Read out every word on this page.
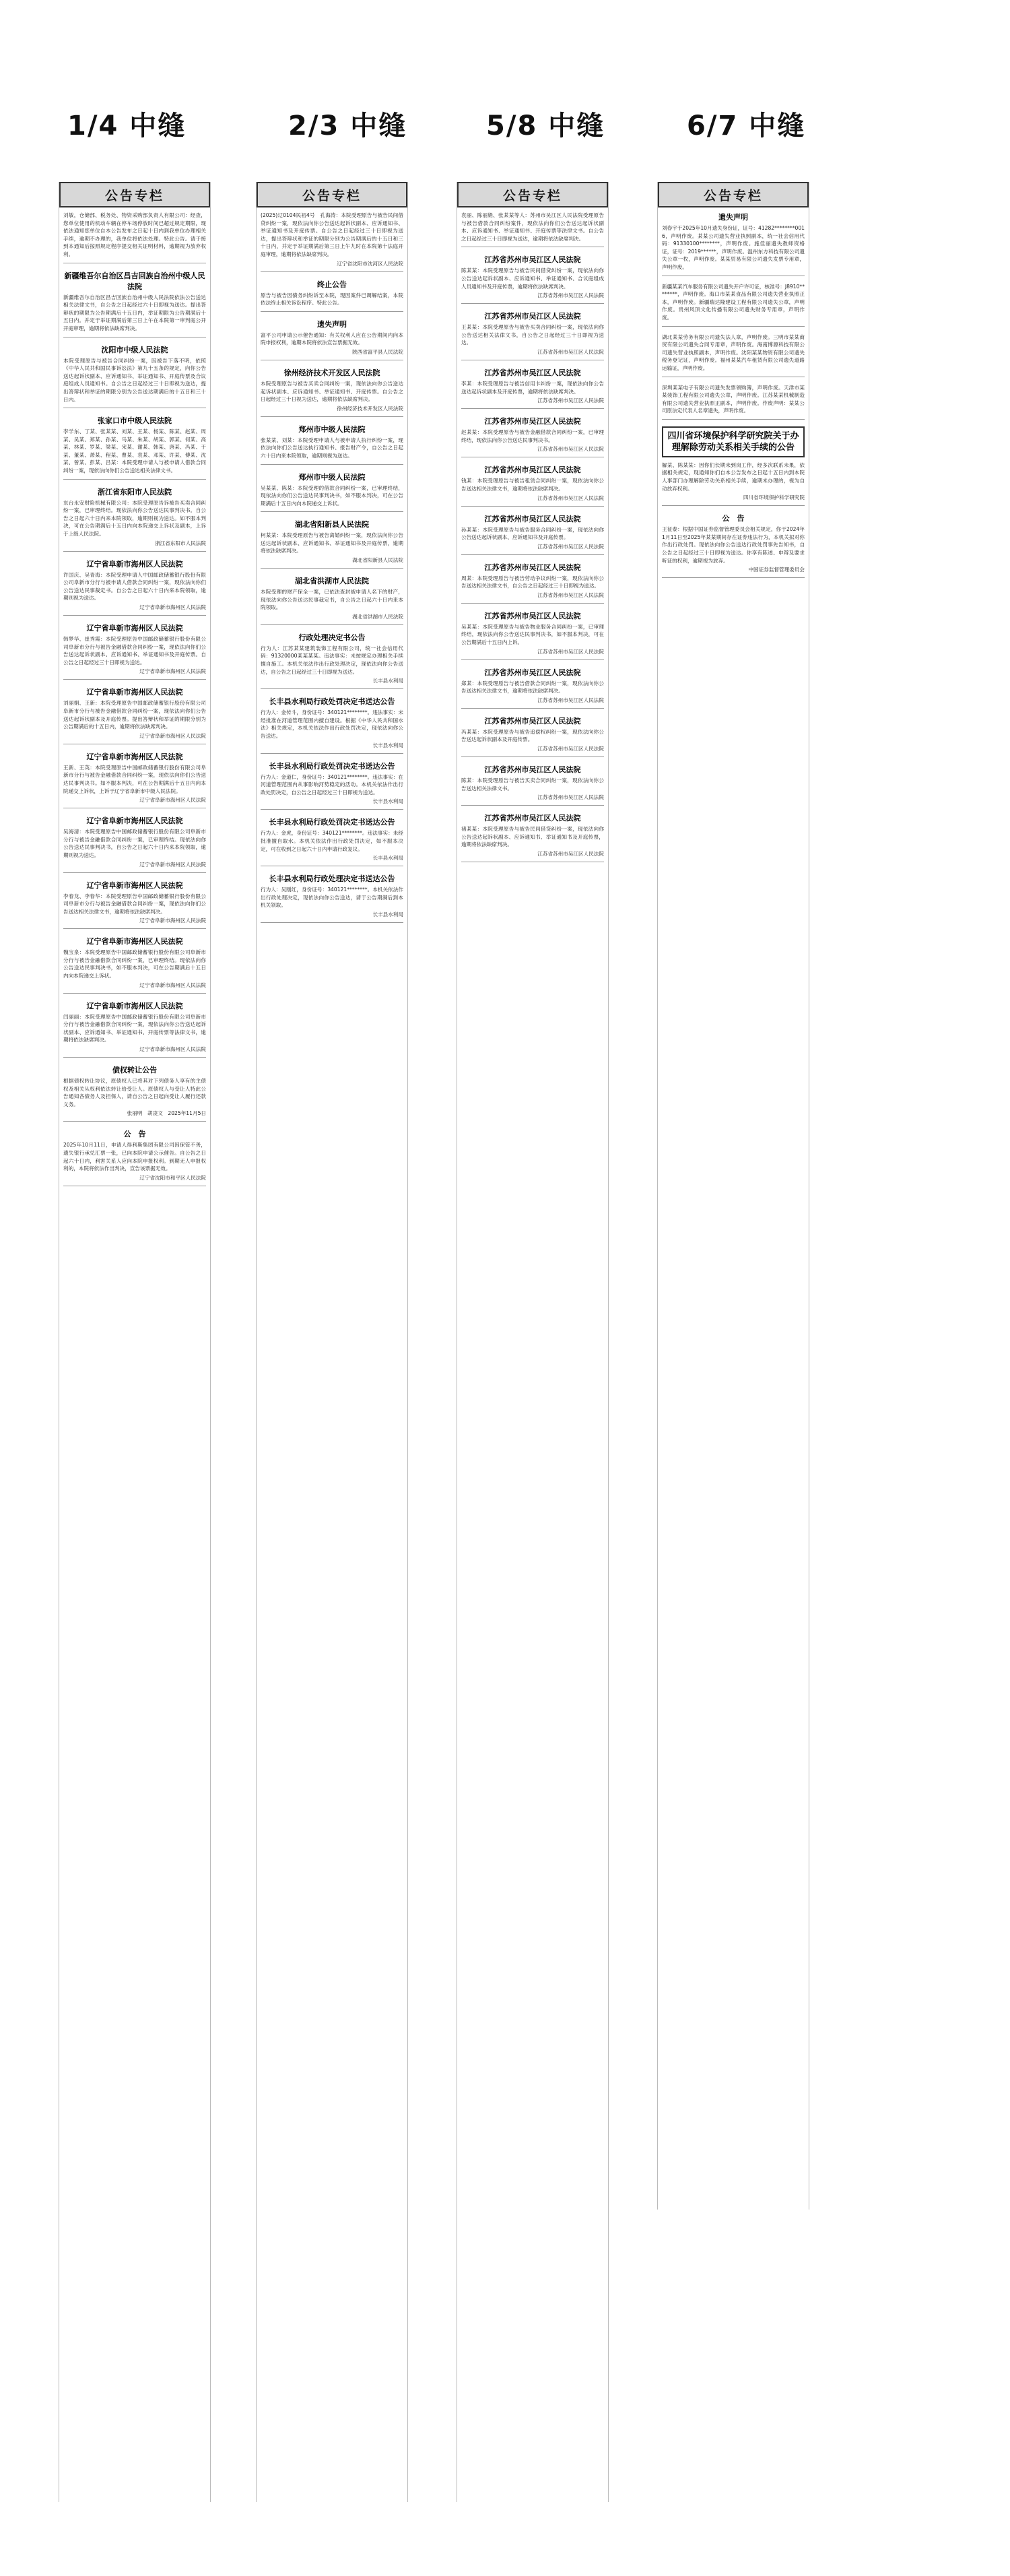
1/4 中缝	2/3 中缝	5/8 中缝	6/7 中缝
公告专栏
刘敏，仓储部、税务处、物资采购部负责人有限公司：经查，您单位使用的机动车辆在停车场停放时间已超过规定期限，现依法通知您单位自本公告发布之日起十日内到我单位办理相关手续，逾期不办理的，我单位将依法处理。特此公告。请于接到本通知后按照规定程序提交相关证明材料，逾期视为放弃权利。
新疆维吾尔自治区昌吉回族自治州中级人民法院
新疆维吾尔自治区昌吉回族自治州中级人民法院依法公告送达相关法律文书，自公告之日起经过六十日即视为送达。提出答辩状的期限为公告期满后十五日内，举证期限为公告期满后十五日内。并定于举证期满后第三日上午在本院第一审判庭公开开庭审理，逾期将依法缺席判决。
沈阳市中级人民法院
本院受理原告与被告合同纠纷一案，因被告下落不明，依照《中华人民共和国民事诉讼法》第九十五条的规定，向你公告送达起诉状副本、应诉通知书、举证通知书、开庭传票及合议庭组成人员通知书。自公告之日起经过三十日即视为送达，提出答辩状和举证的期限分别为公告送达期满后的十五日和三十日内。
张家口市中级人民法院
李学东、丁某、张某某、刘某、王某、杨某、陈某、赵某、周某、吴某、郑某、孙某、马某、朱某、胡某、郭某、何某、高某、林某、罗某、梁某、宋某、谢某、韩某、唐某、冯某、于某、董某、萧某、程某、曹某、袁某、邓某、许某、傅某、沈某、曾某、彭某、吕某：本院受理申请人与被申请人借款合同纠纷一案，现依法向你们公告送达相关法律文书。
浙江省东阳市人民法院
东台永安财险机械有限公司：本院受理原告诉被告买卖合同纠纷一案，已审理终结。现依法向你公告送达民事判决书。自公告之日起六十日内来本院领取，逾期则视为送达。如不服本判决，可在公告期满后十五日内向本院递交上诉状及副本，上诉于上级人民法院。
浙江省东阳市人民法院
辽宁省阜新市海州区人民法院
许国庆、吴青海：本院受理申请人中国邮政储蓄银行股份有限公司阜新市分行与被申请人借款合同纠纷一案，现依法向你们公告送达民事裁定书。自公告之日起六十日内来本院领取，逾期则视为送达。
辽宁省阜新市海州区人民法院
辽宁省阜新市海州区人民法院
韩梦华、崔秀霞：本院受理原告中国邮政储蓄银行股份有限公司阜新市分行与被告金融借款合同纠纷一案，现依法向你们公告送达起诉状副本、应诉通知书、举证通知书及开庭传票。自公告之日起经过三十日即视为送达。
辽宁省阜新市海州区人民法院
辽宁省阜新市海州区人民法院
刘丽娟、王新：本院受理原告中国邮政储蓄银行股份有限公司阜新市分行与被告金融借款合同纠纷一案，现依法向你们公告送达起诉状副本及开庭传票。提出答辩状和举证的期限分别为公告期满后的十五日内，逾期将依法缺席判决。
辽宁省阜新市海州区人民法院
辽宁省阜新市海州区人民法院
王新、王英：本院受理原告中国邮政储蓄银行股份有限公司阜新市分行与被告金融借款合同纠纷一案，现依法向你们公告送达民事判决书。如不服本判决，可在公告期满后十五日内向本院递交上诉状，上诉于辽宁省阜新市中级人民法院。
辽宁省阜新市海州区人民法院
辽宁省阜新市海州区人民法院
吴海清：本院受理原告中国邮政储蓄银行股份有限公司阜新市分行与被告金融借款合同纠纷一案，已审理终结。现依法向你公告送达民事判决书，自公告之日起六十日内来本院领取，逾期则视为送达。
辽宁省阜新市海州区人民法院
辽宁省阜新市海州区人民法院
李春龙、李春华：本院受理原告中国邮政储蓄银行股份有限公司阜新市分行与被告金融借款合同纠纷一案，现依法向你们公告送达相关法律文书，逾期将依法缺席判决。
辽宁省阜新市海州区人民法院
辽宁省阜新市海州区人民法院
魏宝泉：本院受理原告中国邮政储蓄银行股份有限公司阜新市分行与被告金融借款合同纠纷一案，已审理终结。现依法向你公告送达民事判决书，如不服本判决，可在公告期满后十五日内向本院递交上诉状。
辽宁省阜新市海州区人民法院
辽宁省阜新市海州区人民法院
闫丽丽：本院受理原告中国邮政储蓄银行股份有限公司阜新市分行与被告金融借款合同纠纷一案，现依法向你公告送达起诉状副本、应诉通知书、举证通知书、开庭传票等法律文书，逾期将依法缺席判决。
辽宁省阜新市海州区人民法院
债权转让公告
根据债权转让协议，原债权人已将其对下列债务人享有的主债权及相关从权利依法转让给受让人。原债权人与受让人特此公告通知各债务人及担保人，请自公告之日起向受让人履行还款义务。
张丽明　胡凌文　2025年11月5日
公　告
2025年10月11日，申请人得利斯集团有限公司因保管不善，遗失银行承兑汇票一张，已向本院申请公示催告。自公告之日起六十日内，利害关系人应向本院申报权利。到期无人申报权利的，本院将依法作出判决，宣告该票据无效。
辽宁省沈阳市和平区人民法院
公告专栏
(2025)辽0104民初4号　孔海涛：本院受理原告与被告民间借贷纠纷一案，现依法向你公告送达起诉状副本、应诉通知书、举证通知书及开庭传票。自公告之日起经过三十日即视为送达，提出答辩状和举证的期限分别为公告期满后的十五日和三十日内，并定于举证期满后第三日上午九时在本院第十法庭开庭审理，逾期将依法缺席判决。
辽宁省沈阳市沈河区人民法院
终止公告
原告与被告因债务纠纷诉至本院，现因案件已调解结案，本院依法终止相关诉讼程序。特此公告。
遗失声明
富平公司申请公示催告通知：有关权利人应在公告期间内向本院申报权利，逾期本院将依法宣告票据无效。
陕西省富平县人民法院
徐州经济技术开发区人民法院
本院受理原告与被告买卖合同纠纷一案，现依法向你公告送达起诉状副本、应诉通知书、举证通知书、开庭传票。自公告之日起经过三十日视为送达，逾期将依法缺席判决。
徐州经济技术开发区人民法院
郑州市中级人民法院
张某某、刘某：本院受理申请人与被申请人执行纠纷一案，现依法向你们公告送达执行通知书、报告财产令，自公告之日起六十日内来本院领取，逾期则视为送达。
郑州市中级人民法院
吴某某、陈某：本院受理的借款合同纠纷一案，已审理终结，现依法向你们公告送达民事判决书，如不服本判决，可在公告期满后十五日内向本院递交上诉状。
湖北省阳新县人民法院
柯某某：本院受理原告与被告离婚纠纷一案，现依法向你公告送达起诉状副本、应诉通知书、举证通知书及开庭传票，逾期将依法缺席判决。
湖北省阳新县人民法院
湖北省洪湖市人民法院
本院受理的财产保全一案，已依法查封被申请人名下的财产，现依法向你公告送达民事裁定书，自公告之日起六十日内来本院领取。
湖北省洪湖市人民法院
行政处理决定书公告
行为人：江苏某某建筑装饰工程有限公司，统一社会信用代码：91320000某某某某。违法事实：未按规定办理相关手续擅自施工。本机关依法作出行政处理决定，现依法向你公告送达，自公告之日起经过三十日即视为送达。
长丰县水利局
长丰县水利局行政处罚决定书送达公告
行为人：金传斗，身份证号：340121********。违法事实：未经批准在河道管理范围内擅自建设。根据《中华人民共和国水法》相关规定，本机关依法作出行政处罚决定，现依法向你公告送达。
长丰县水利局
长丰县水利局行政处罚决定书送达公告
行为人：金道仁，身份证号：340121********。违法事实：在河道管理范围内从事影响河势稳定的活动。本机关依法作出行政处罚决定，自公告之日起经过三十日即视为送达。
长丰县水利局
长丰县水利局行政处罚决定书送达公告
行为人：金虎，身份证号：340121********。违法事实：未经批准擅自取水。本机关依法作出行政处罚决定，如不服本决定，可在收到之日起六十日内申请行政复议。
长丰县水利局
长丰县水利局行政处理决定书送达公告
行为人：吴刚红，身份证号：340121********。本机关依法作出行政处理决定，现依法向你公告送达，请于公告期满后到本机关领取。
长丰县水利局
公告专栏
袁丽、陈丽娟、张某某等人：苏州市吴江区人民法院受理原告与被告借款合同纠纷案件，现依法向你们公告送达起诉状副本、应诉通知书、举证通知书、开庭传票等法律文书。自公告之日起经过三十日即视为送达，逾期将依法缺席判决。
江苏省苏州市吴江区人民法院
陈某某：本院受理原告与被告民间借贷纠纷一案，现依法向你公告送达起诉状副本、应诉通知书、举证通知书、合议庭组成人员通知书及开庭传票，逾期将依法缺席判决。
江苏省苏州市吴江区人民法院
江苏省苏州市吴江区人民法院
王某某：本院受理原告与被告买卖合同纠纷一案，现依法向你公告送达相关法律文书，自公告之日起经过三十日即视为送达。
江苏省苏州市吴江区人民法院
江苏省苏州市吴江区人民法院
李某：本院受理原告与被告信用卡纠纷一案，现依法向你公告送达起诉状副本及开庭传票，逾期将依法缺席判决。
江苏省苏州市吴江区人民法院
江苏省苏州市吴江区人民法院
赵某某：本院受理原告与被告金融借款合同纠纷一案，已审理终结，现依法向你公告送达民事判决书。
江苏省苏州市吴江区人民法院
江苏省苏州市吴江区人民法院
钱某：本院受理原告与被告租赁合同纠纷一案，现依法向你公告送达相关法律文书，逾期将依法缺席判决。
江苏省苏州市吴江区人民法院
江苏省苏州市吴江区人民法院
孙某某：本院受理原告与被告服务合同纠纷一案，现依法向你公告送达起诉状副本、应诉通知书及开庭传票。
江苏省苏州市吴江区人民法院
江苏省苏州市吴江区人民法院
周某：本院受理原告与被告劳动争议纠纷一案，现依法向你公告送达相关法律文书，自公告之日起经过三十日即视为送达。
江苏省苏州市吴江区人民法院
江苏省苏州市吴江区人民法院
吴某某：本院受理原告与被告物业服务合同纠纷一案，已审理终结，现依法向你公告送达民事判决书，如不服本判决，可在公告期满后十五日内上诉。
江苏省苏州市吴江区人民法院
江苏省苏州市吴江区人民法院
郑某：本院受理原告与被告借款合同纠纷一案，现依法向你公告送达相关法律文书，逾期将依法缺席判决。
江苏省苏州市吴江区人民法院
江苏省苏州市吴江区人民法院
冯某某：本院受理原告与被告追偿权纠纷一案，现依法向你公告送达起诉状副本及开庭传票。
江苏省苏州市吴江区人民法院
江苏省苏州市吴江区人民法院
陈某：本院受理原告与被告买卖合同纠纷一案，现依法向你公告送达相关法律文书。
江苏省苏州市吴江区人民法院
江苏省苏州市吴江区人民法院
褚某某：本院受理原告与被告民间借贷纠纷一案，现依法向你公告送达起诉状副本、应诉通知书、举证通知书及开庭传票，逾期将依法缺席判决。
江苏省苏州市吴江区人民法院
公告专栏
遗失声明
刘春宇于2025年10月遗失身份证，证号：41282********0016，声明作废。某某公司遗失营业执照副本，统一社会信用代码：91330100********，声明作废。施佳丽遗失教师资格证，证号：2019******，声明作废。温州东方科技有限公司遗失公章一枚，声明作废。某某贸易有限公司遗失发票专用章，声明作废。
新疆某某汽车服务有限公司遗失开户许可证，核准号：J8910********，声明作废。海口市某某食品有限公司遗失营业执照正本，声明作废。新疆瑞达隆建设工程有限公司遗失公章，声明作废。贵州风顶文化传播有限公司遗失财务专用章，声明作废。
湖北某某劳务有限公司遗失法人章，声明作废。三明市某某商贸有限公司遗失合同专用章，声明作废。海南博源科技有限公司遗失营业执照副本，声明作废。沈阳某某物资有限公司遗失税务登记证，声明作废。福州某某汽车租赁有限公司遗失道路运输证，声明作废。
深圳某某电子有限公司遗失发票领购簿，声明作废。天津市某某装饰工程有限公司遗失公章，声明作废。江苏某某机械制造有限公司遗失营业执照正副本，声明作废。作废声明：某某公司原法定代表人名章遗失，声明作废。
四川省环境保护科学研究院关于办理解除劳动关系相关手续的公告
解某、陈某某：因你们长期未到岗工作，经多次联系未果，依据相关规定，现通知你们自本公告发布之日起十五日内到本院人事部门办理解除劳动关系相关手续，逾期未办理的，视为自动放弃权利。
四川省环境保护科学研究院
公　告
王征泰：根据中国证券监督管理委员会相关规定，你于2024年1月11日至2025年某某期间存在证券违法行为，本机关拟对你作出行政处罚。现依法向你公告送达行政处罚事先告知书，自公告之日起经过三十日即视为送达。你享有陈述、申辩及要求听证的权利，逾期视为放弃。
中国证券监督管理委员会
